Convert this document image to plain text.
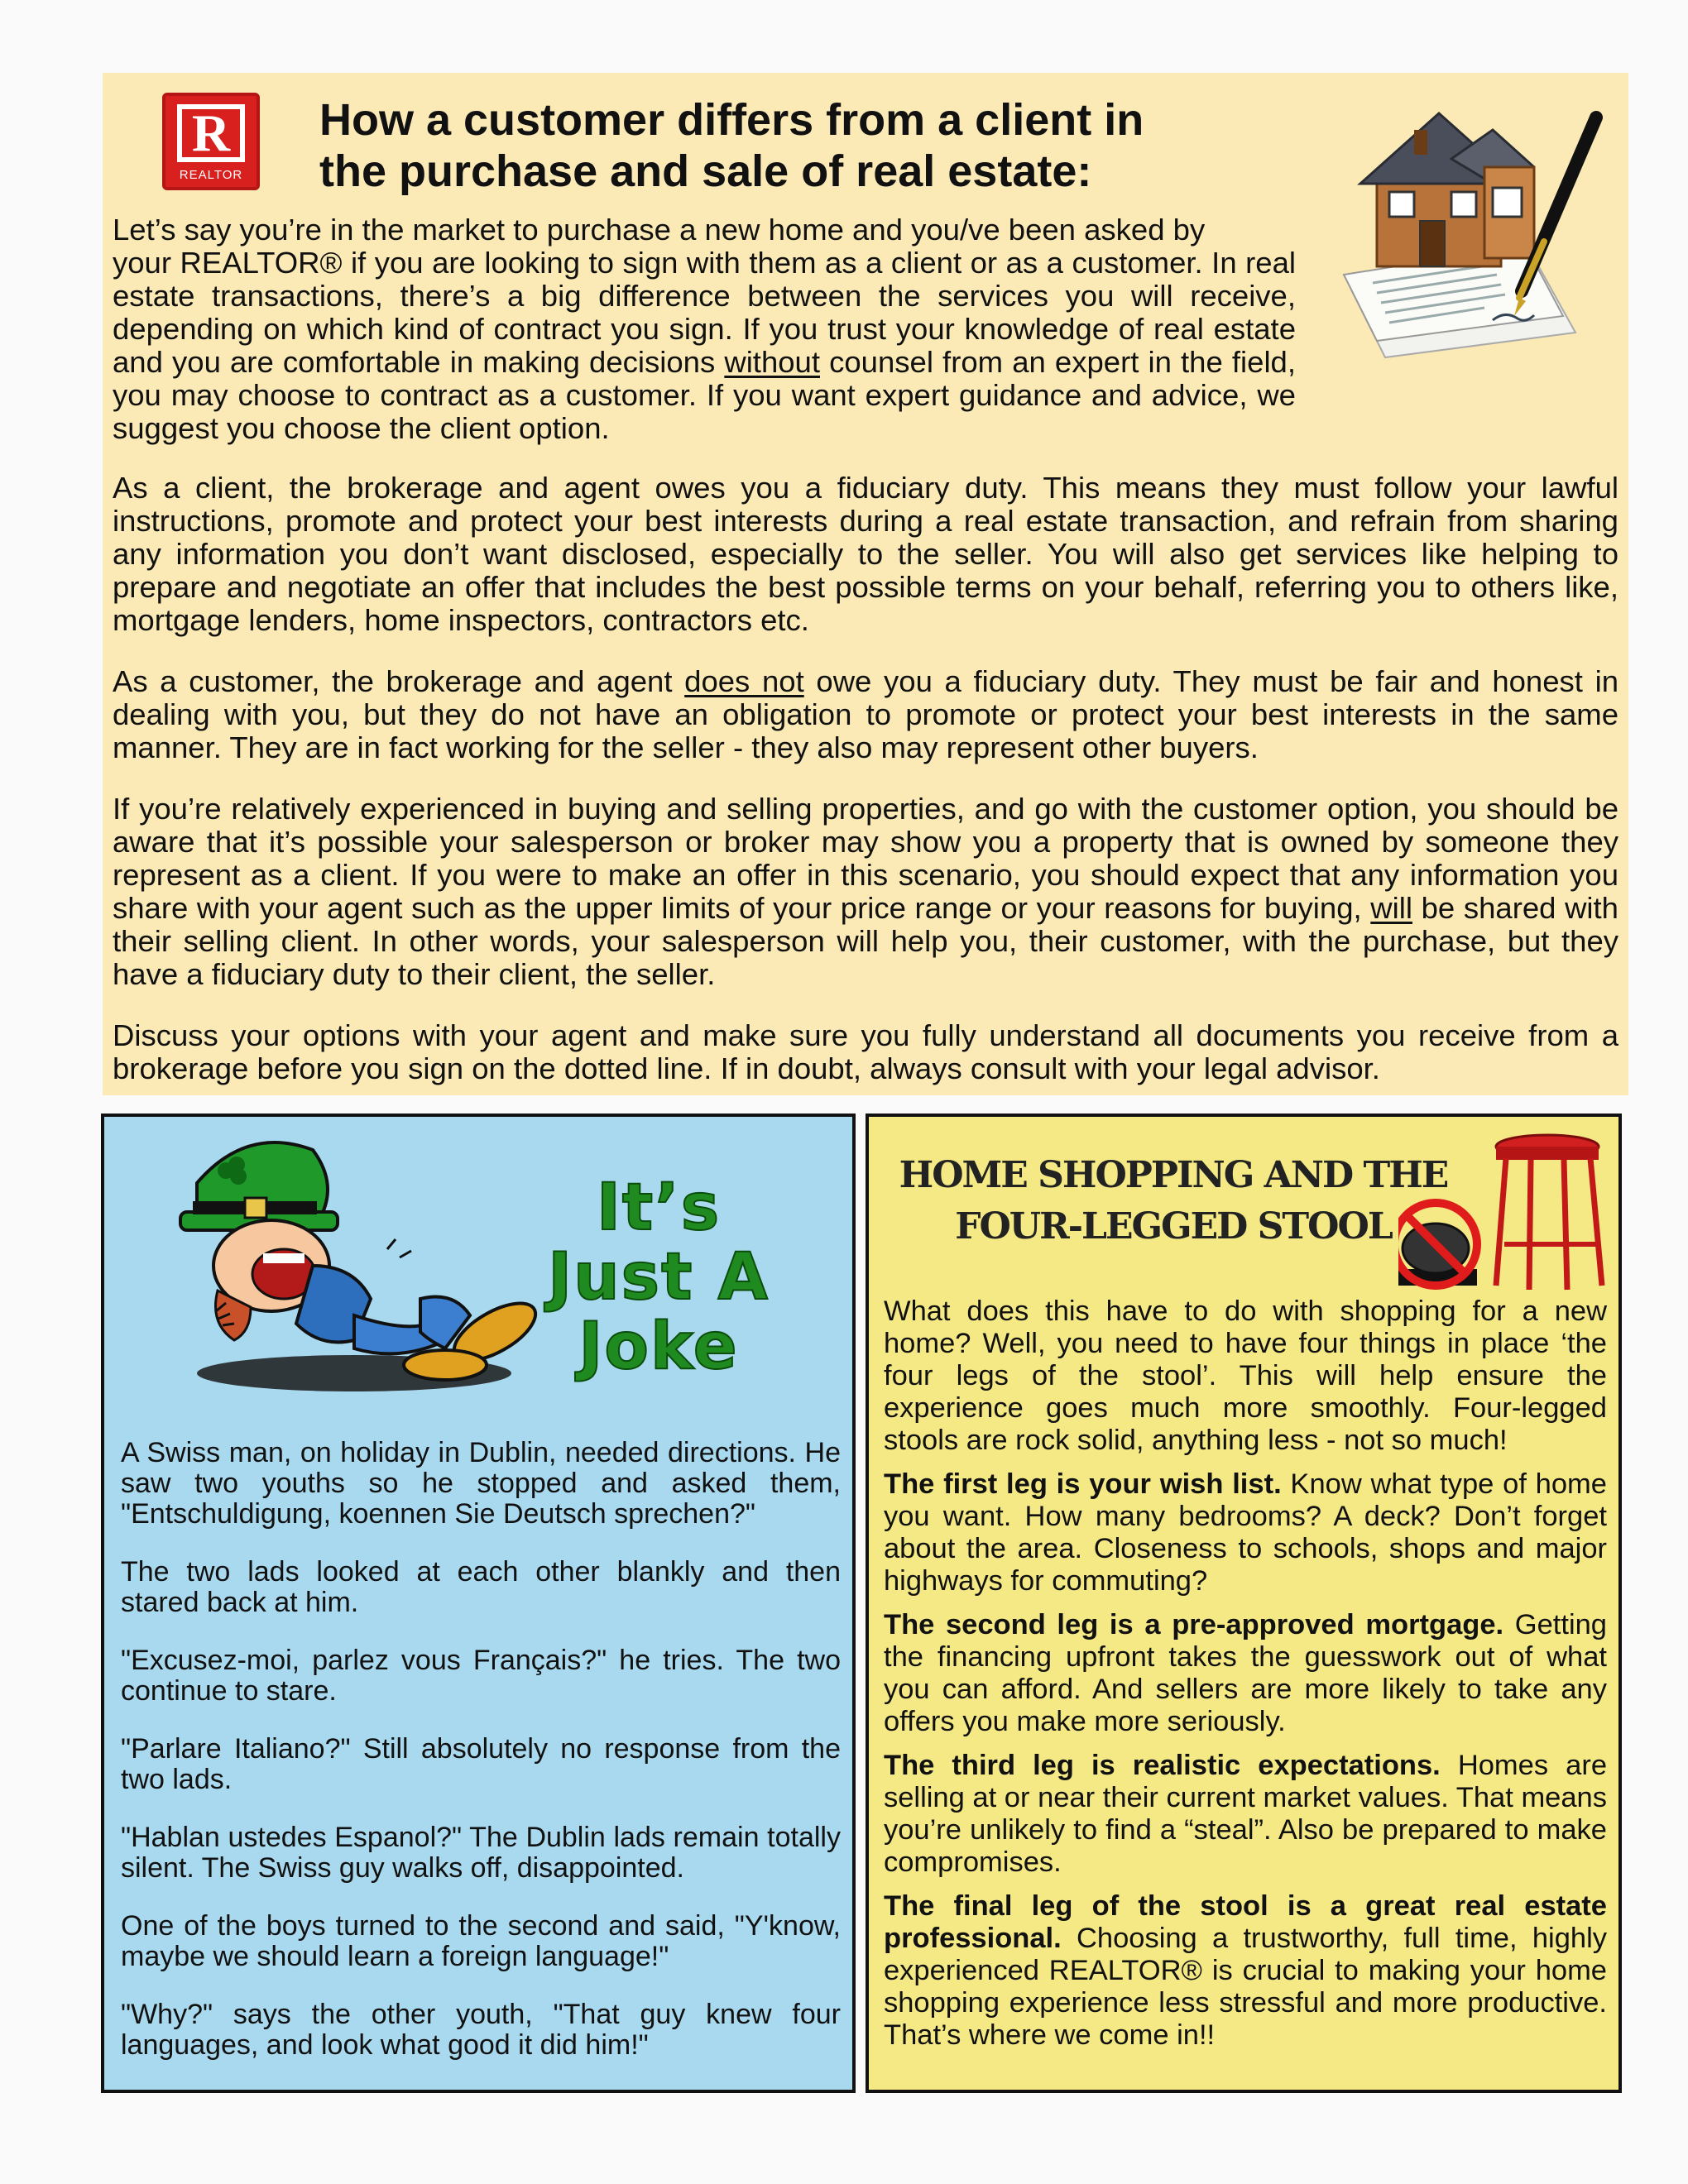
R
REALTOR
How a customer differs from a client in
the purchase and sale of real estate:

Let’s say you’re in the market to purchase a new home and you/ve been asked by
your REALTOR® if you are looking to sign with them as a client or as a customer. In real estate transactions, there’s a big difference between the services you will receive, depending on which kind of contract you sign. If you trust your knowledge of real estate and you are comfortable in making decisions without counsel from an expert in the field, you may choose to contract as a customer. If you want expert guidance and advice, we suggest you choose the client option.

As a client, the brokerage and agent owes you a fiduciary duty. This means they must follow your lawful instructions, promote and protect your best interests during a real estate transaction, and refrain from sharing any information you don’t want disclosed, especially to the seller. You will also get services like helping to prepare and negotiate an offer that includes the best possible terms on your behalf, referring you to others like, mortgage lenders, home inspectors, contractors etc.

As a customer, the brokerage and agent does not owe you a fiduciary duty. They must be fair and honest in dealing with you, but they do not have an obligation to promote or protect your best interests in the same manner. They are in fact working for the seller - they also may represent other buyers.

If you’re relatively experienced in buying and selling properties, and go with the customer option, you should be aware that it’s possible your salesperson or broker may show you a property that is owned by someone they represent as a client. If you were to make an offer in this scenario, you should expect that any information you share with your agent such as the upper limits of your price range or your reasons for buying, will be shared with their selling client. In other words, your salesperson will help you, their customer, with the purchase, but they have a fiduciary duty to their client, the seller.

Discuss your options with your agent and make sure you fully understand all documents you receive from a brokerage before you sign on the dotted line. If in doubt, always consult with your legal advisor.

It’s
Just A
Joke

A Swiss man, on holiday in Dublin, needed directions. He saw two youths so he stopped and asked them, "Entschuldigung, koennen Sie Deutsch sprechen?"

The two lads looked at each other blankly and then stared back at him.

"Excusez-moi, parlez vous Français?" he tries. The two continue to stare.

"Parlare Italiano?" Still absolutely no response from the two lads.

"Hablan ustedes Espanol?" The Dublin lads remain totally silent. The Swiss guy walks off, disappointed.

One of the boys turned to the second and said, "Y'know, maybe we should learn a foreign language!"

"Why?" says the other youth, "That guy knew four languages, and look what good it did him!"

HOME SHOPPING AND THE
FOUR-LEGGED STOOL

What does this have to do with shopping for a new home? Well, you need to have four things in place ‘the four legs of the stool’. This will help ensure the experience goes much more smoothly. Four-legged stools are rock solid, anything less - not so much!

The first leg is your wish list. Know what type of home you want. How many bedrooms? A deck? Don’t forget about the area. Closeness to schools, shops and major highways for commuting?

The second leg is a pre-approved mortgage. Getting the financing upfront takes the guesswork out of what you can afford. And sellers are more likely to take any offers you make more seriously.

The third leg is realistic expectations. Homes are selling at or near their current market values. That means you’re unlikely to find a “steal”. Also be prepared to make compromises.

The final leg of the stool is a great real estate professional. Choosing a trustworthy, full time, highly experienced REALTOR® is crucial to making your home shopping experience less stressful and more productive. That’s where we come in!!
